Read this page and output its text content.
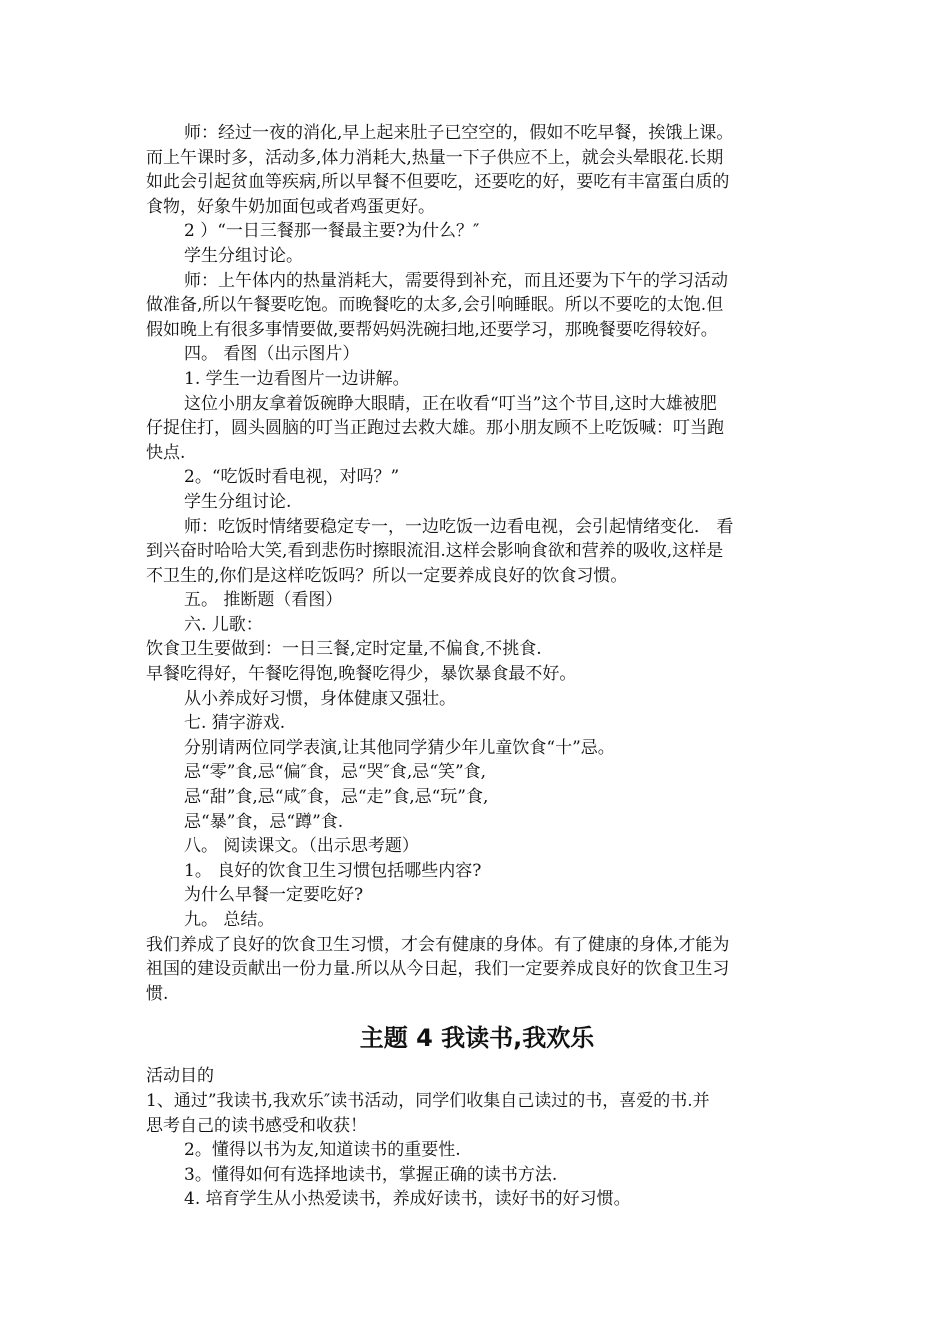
师：经过一夜的消化,早上起来肚子已空空的，假如不吃早餐，挨饿上课。
而上午课时多，活动多,体力消耗大,热量一下子供应不上，就会头晕眼花.长期
如此会引起贫血等疾病,所以早餐不但要吃，还要吃的好，要吃有丰富蛋白质的
食物，好象牛奶加面包或者鸡蛋更好。
2 ）“一日三餐那一餐最主要?为什么？″
学生分组讨论。
师：上午体内的热量消耗大，需要得到补充，而且还要为下午的学习活动
做准备,所以午餐要吃饱。而晚餐吃的太多,会引响睡眠。所以不要吃的太饱.但
假如晚上有很多事情要做,要帮妈妈洗碗扫地,还要学习，那晚餐要吃得较好。
四。 看图（出示图片）
1. 学生一边看图片一边讲解。
这位小朋友拿着饭碗睁大眼睛，正在收看“叮当”这个节目,这时大雄被肥
仔捉住打，圆头圆脑的叮当正跑过去救大雄。那小朋友顾不上吃饭喊：叮当跑
快点.
2。“吃饭时看电视，对吗？”
学生分组讨论.
师：吃饭时情绪要稳定专一，一边吃饭一边看电视，会引起情绪变化． 看
到兴奋时哈哈大笑,看到悲伤时擦眼流泪.这样会影响食欲和营养的吸收,这样是
不卫生的,你们是这样吃饭吗？所以一定要养成良好的饮食习惯。
五。 推断题（看图）
六. 儿歌：
饮食卫生要做到：一日三餐,定时定量,不偏食,不挑食.
早餐吃得好，午餐吃得饱,晚餐吃得少，暴饮暴食最不好。
从小养成好习惯，身体健康又强壮。
七. 猜字游戏.
分别请两位同学表演,让其他同学猜少年儿童饮食“十”忌。
忌“零”食,忌“偏″食，忌“哭″食,忌“笑”食,
忌“甜”食,忌“咸″食，忌“走”食,忌“玩”食,
忌“暴”食，忌“蹲”食.
八。 阅读课文。（出示思考题）
1。 良好的饮食卫生习惯包括哪些内容?
为什么早餐一定要吃好?
九。 总结。
我们养成了良好的饮食卫生习惯，才会有健康的身体。有了健康的身体,才能为
祖国的建设贡献出一份力量.所以从今日起，我们一定要养成良好的饮食卫生习
惯.
主题 4 我读书,我欢乐
活动目的
1、通过”我读书,我欢乐″读书活动，同学们收集自己读过的书，喜爱的书.并
思考自己的读书感受和收获！
2。懂得以书为友,知道读书的重要性.
3。懂得如何有选择地读书，掌握正确的读书方法.
4. 培育学生从小热爱读书，养成好读书，读好书的好习惯。
